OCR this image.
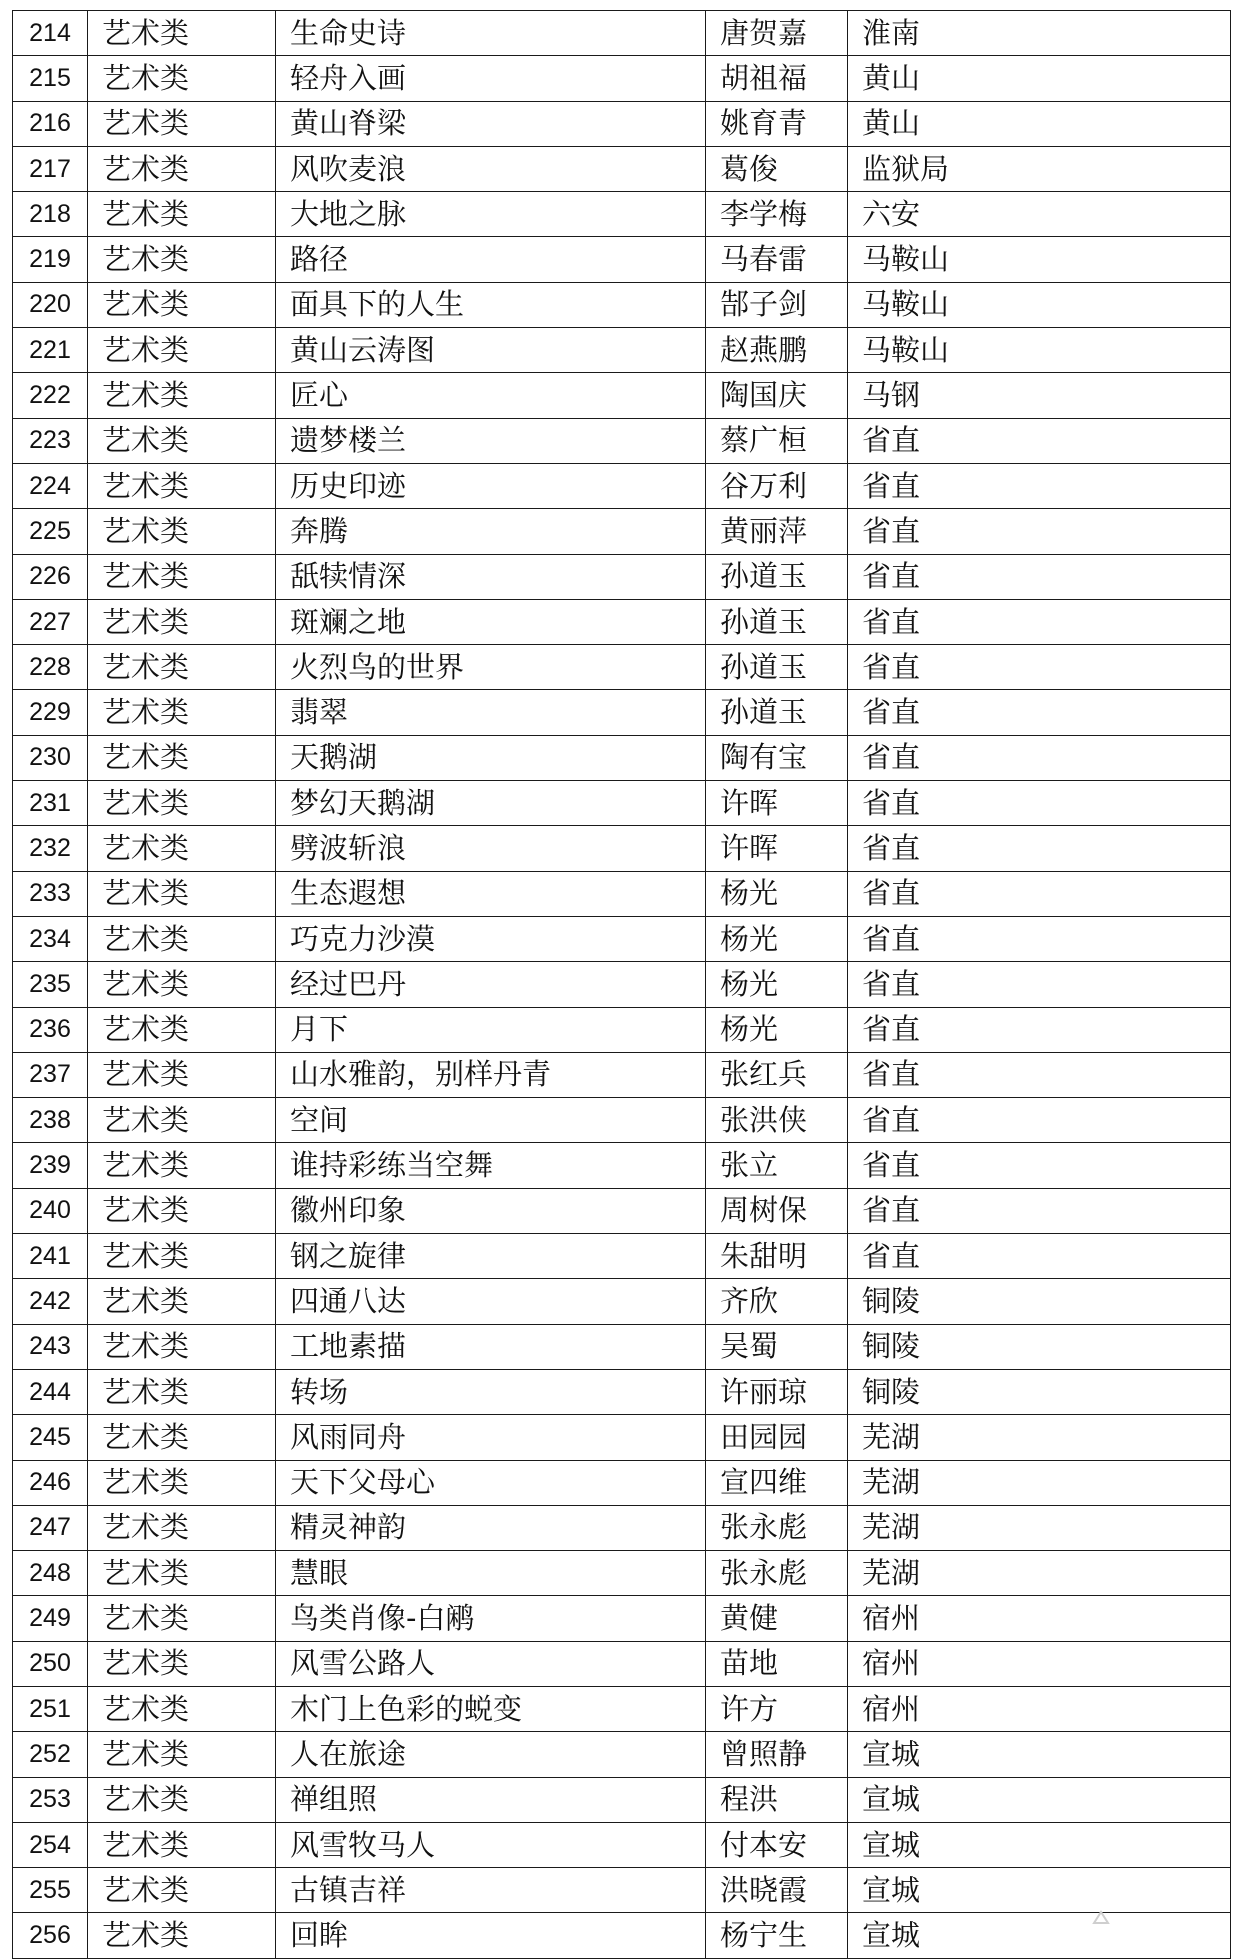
214	艺术类	生命史诗	唐贺嘉	淮南
215	艺术类	轻舟入画	胡祖福	黄山
216	艺术类	黄山脊梁	姚育青	黄山
217	艺术类	风吹麦浪	葛俊	监狱局
218	艺术类	大地之脉	李学梅	六安
219	艺术类	路径	马春雷	马鞍山
220	艺术类	面具下的人生	郜子剑	马鞍山
221	艺术类	黄山云涛图	赵燕鹏	马鞍山
222	艺术类	匠心	陶国庆	马钢
223	艺术类	遗梦楼兰	蔡广桓	省直
224	艺术类	历史印迹	谷万利	省直
225	艺术类	奔腾	黄丽萍	省直
226	艺术类	舐犊情深	孙道玉	省直
227	艺术类	斑斓之地	孙道玉	省直
228	艺术类	火烈鸟的世界	孙道玉	省直
229	艺术类	翡翠	孙道玉	省直
230	艺术类	天鹅湖	陶有宝	省直
231	艺术类	梦幻天鹅湖	许晖	省直
232	艺术类	劈波斩浪	许晖	省直
233	艺术类	生态遐想	杨光	省直
234	艺术类	巧克力沙漠	杨光	省直
235	艺术类	经过巴丹	杨光	省直
236	艺术类	月下	杨光	省直
237	艺术类	山水雅韵，别样丹青	张红兵	省直
238	艺术类	空间	张洪侠	省直
239	艺术类	谁持彩练当空舞	张立	省直
240	艺术类	徽州印象	周树保	省直
241	艺术类	钢之旋律	朱甜明	省直
242	艺术类	四通八达	齐欣	铜陵
243	艺术类	工地素描	吴蜀	铜陵
244	艺术类	转场	许丽琼	铜陵
245	艺术类	风雨同舟	田园园	芜湖
246	艺术类	天下父母心	宣四维	芜湖
247	艺术类	精灵神韵	张永彪	芜湖
248	艺术类	慧眼	张永彪	芜湖
249	艺术类	鸟类肖像-白鹇	黄健	宿州
250	艺术类	风雪公路人	苗地	宿州
251	艺术类	木门上色彩的蜕变	许方	宿州
252	艺术类	人在旅途	曾照静	宣城
253	艺术类	禅组照	程洪	宣城
254	艺术类	风雪牧马人	付本安	宣城
255	艺术类	古镇吉祥	洪晓霞	宣城
256	艺术类	回眸	杨宁生	宣城
